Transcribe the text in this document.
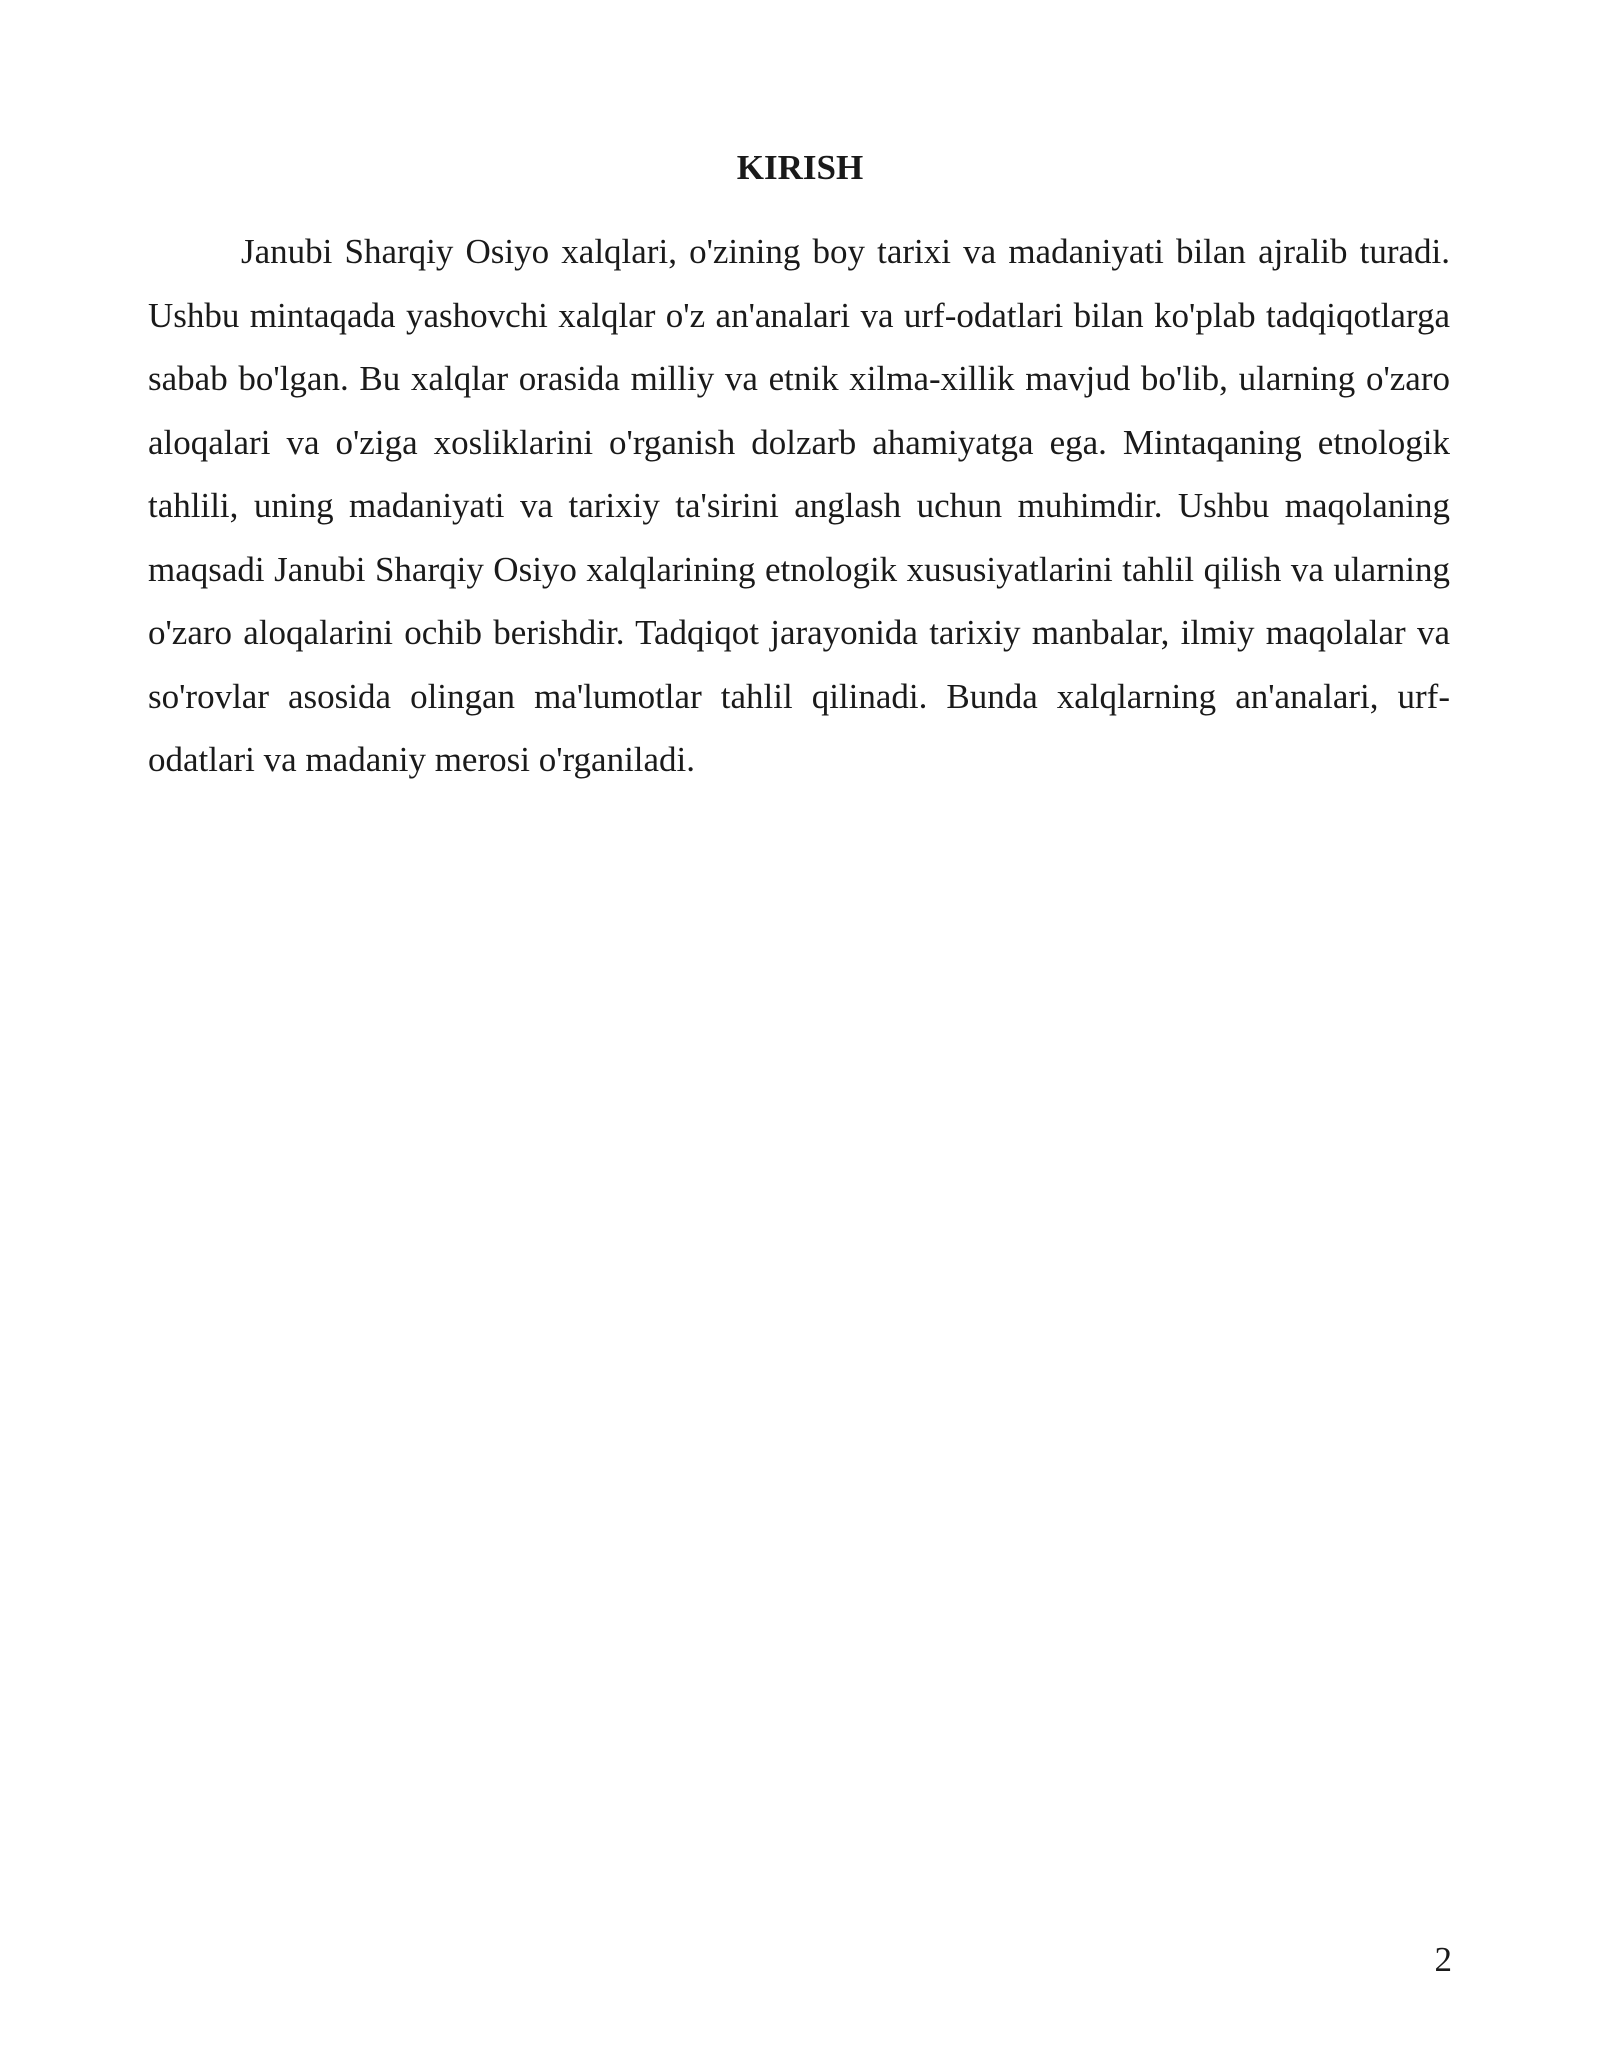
KIRISH

Janubi Sharqiy Osiyo xalqlari, o'zining boy tarixi va madaniyati bilan ajralib turadi. Ushbu mintaqada yashovchi xalqlar o'z an'analari va urf-odatlari bilan ko'plab tadqiqotlarga sabab bo'lgan. Bu xalqlar orasida milliy va etnik xilma-xillik mavjud bo'lib, ularning o'zaro aloqalari va o'ziga xosliklarini o'rganish dolzarb ahamiyatga ega. Mintaqaning etnologik tahlili, uning madaniyati va tarixiy ta'sirini anglash uchun muhimdir. Ushbu maqolaning maqsadi Janubi Sharqiy Osiyo xalqlarining etnologik xususiyatlarini tahlil qilish va ularning o'zaro aloqalarini ochib berishdir. Tadqiqot jarayonida tarixiy manbalar, ilmiy maqolalar va so'rovlar asosida olingan ma'lumotlar tahlil qilinadi. Bunda xalqlarning an'analari, urf-odatlari va madaniy merosi o'rganiladi.

2
